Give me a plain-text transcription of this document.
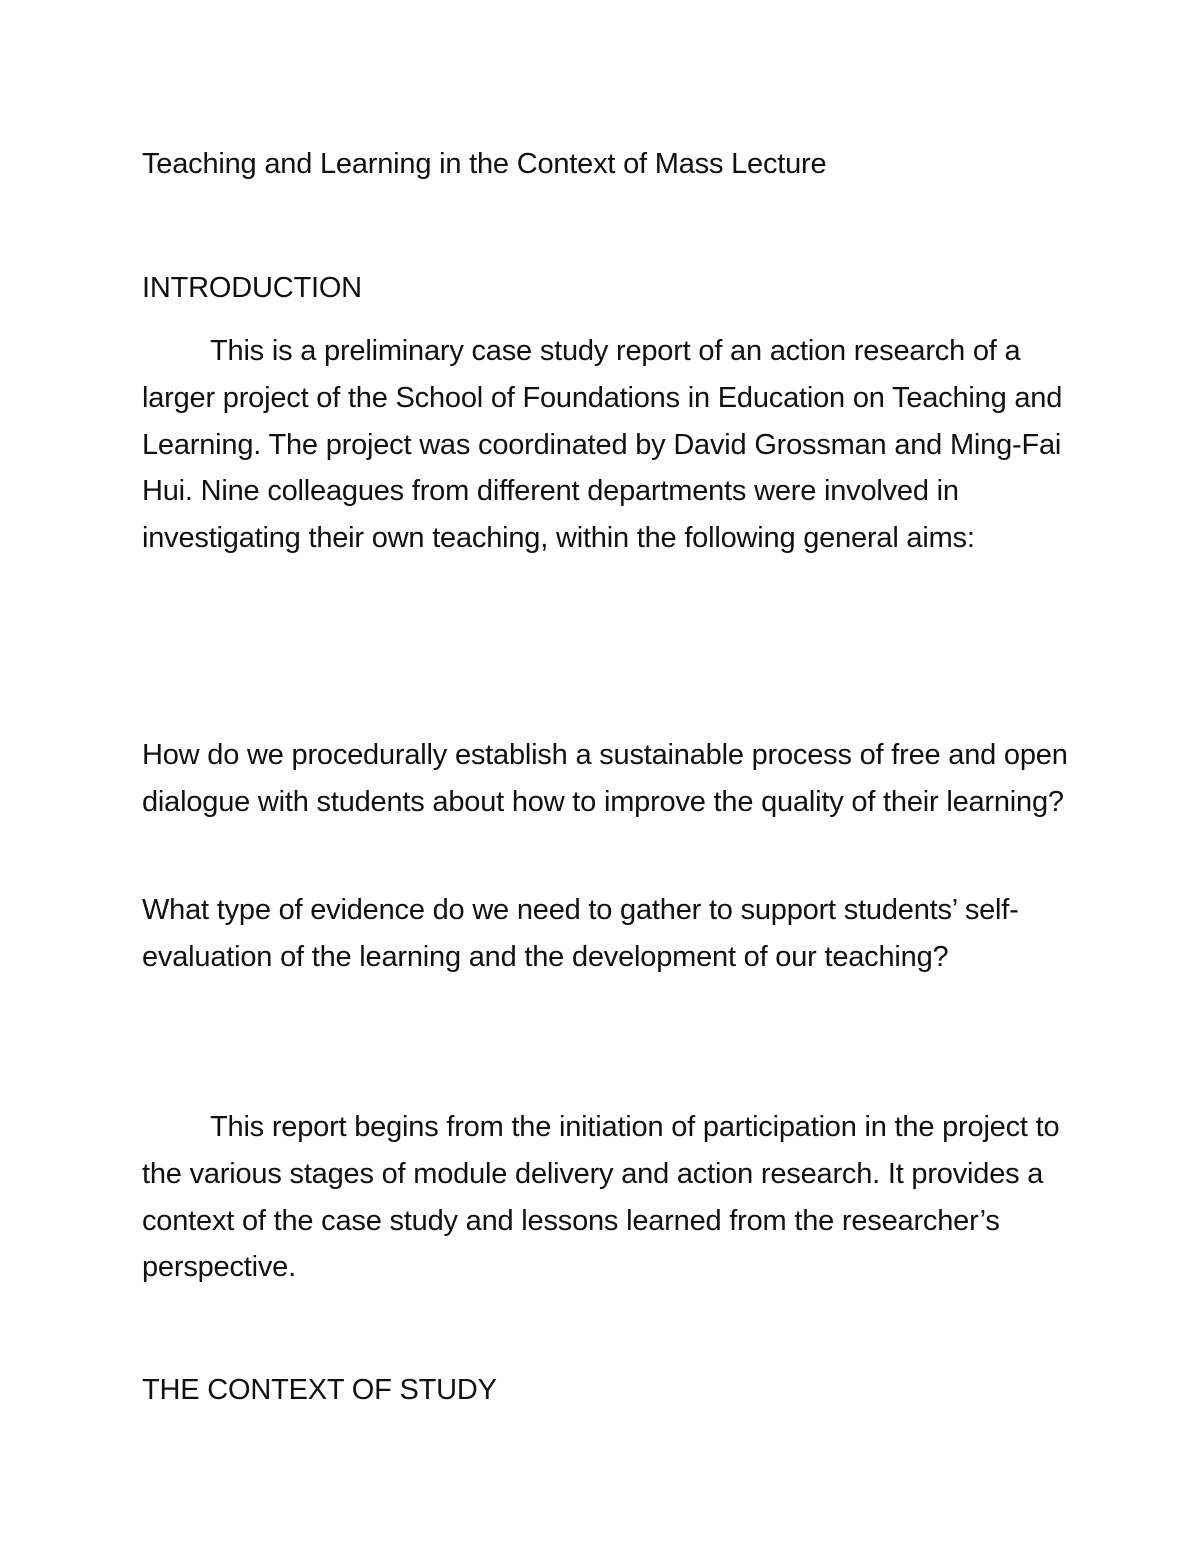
Teaching and Learning in the Context of Mass Lecture
INTRODUCTION
This is a preliminary case study report of an action research of a larger project of the School of Foundations in Education on Teaching and Learning. The project was coordinated by David Grossman and Ming-Fai Hui. Nine colleagues from different departments were involved in investigating their own teaching, within the following general aims:
How do we procedurally establish a sustainable process of free and open dialogue with students about how to improve the quality of their learning?
What type of evidence do we need to gather to support students’ self-evaluation of the learning and the development of our teaching?
This report begins from the initiation of participation in the project to the various stages of module delivery and action research. It provides a context of the case study and lessons learned from the researcher’s perspective.
THE CONTEXT OF STUDY
